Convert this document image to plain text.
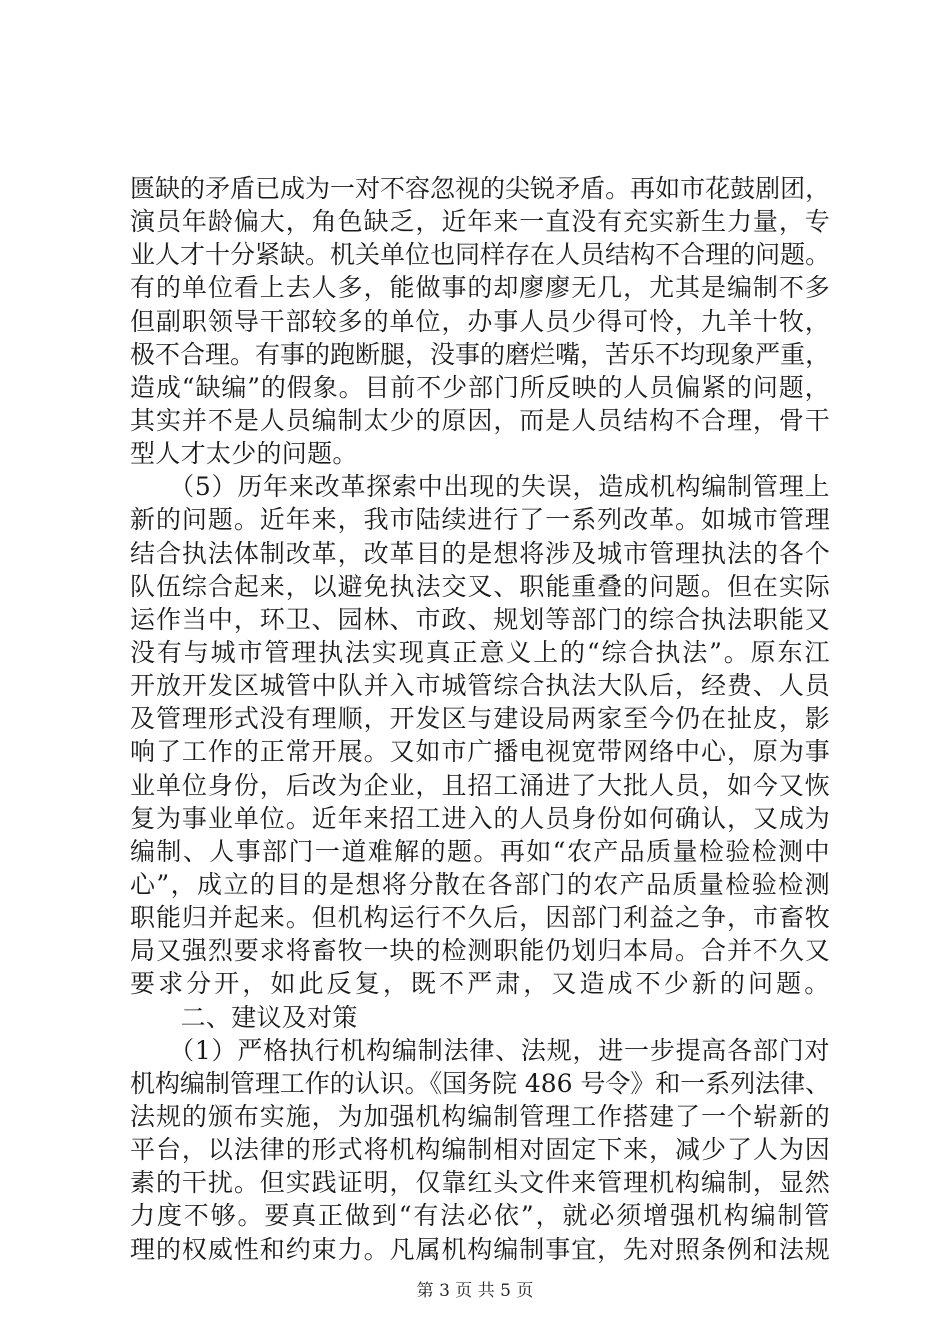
匮缺的矛盾已成为一对不容忽视的尖锐矛盾。再如市花鼓剧团，
演员年龄偏大，角色缺乏，近年来一直没有充实新生力量，专
业人才十分紧缺。机关单位也同样存在人员结构不合理的问题。
有的单位看上去人多，能做事的却廖廖无几，尤其是编制不多
但副职领导干部较多的单位，办事人员少得可怜，九羊十牧，
极不合理。有事的跑断腿，没事的磨烂嘴，苦乐不均现象严重，
造成“缺编”的假象。目前不少部门所反映的人员偏紧的问题，
其实并不是人员编制太少的原因，而是人员结构不合理，骨干
型人才太少的问题。
　　（5）历年来改革探索中出现的失误，造成机构编制管理上
新的问题。近年来，我市陆续进行了一系列改革。如城市管理
结合执法体制改革，改革目的是想将涉及城市管理执法的各个
队伍综合起来，以避免执法交叉、职能重叠的问题。但在实际
运作当中，环卫、园林、市政、规划等部门的综合执法职能又
没有与城市管理执法实现真正意义上的“综合执法”。原东江
开放开发区城管中队并入市城管综合执法大队后，经费、人员
及管理形式没有理顺，开发区与建设局两家至今仍在扯皮，影
响了工作的正常开展。又如市广播电视宽带网络中心，原为事
业单位身份，后改为企业，且招工涌进了大批人员，如今又恢
复为事业单位。近年来招工进入的人员身份如何确认，又成为
编制、人事部门一道难解的题。再如“农产品质量检验检测中
心”，成立的目的是想将分散在各部门的农产品质量检验检测
职能归并起来。但机构运行不久后，因部门利益之争，市畜牧
局又强烈要求将畜牧一块的检测职能仍划归本局。合并不久又
要求分开，如此反复，既不严肃，又造成不少新的问题。
　　二、建议及对策
　　（1）严格执行机构编制法律、法规，进一步提高各部门对
机构编制管理工作的认识。《国务院 486 号令》和一系列法律、
法规的颁布实施，为加强机构编制管理工作搭建了一个崭新的
平台，以法律的形式将机构编制相对固定下来，减少了人为因
素的干扰。但实践证明，仅靠红头文件来管理机构编制，显然
力度不够。要真正做到“有法必依”，就必须增强机构编制管
理的权威性和约束力。凡属机构编制事宜，先对照条例和法规
第 3 页 共 5 页
